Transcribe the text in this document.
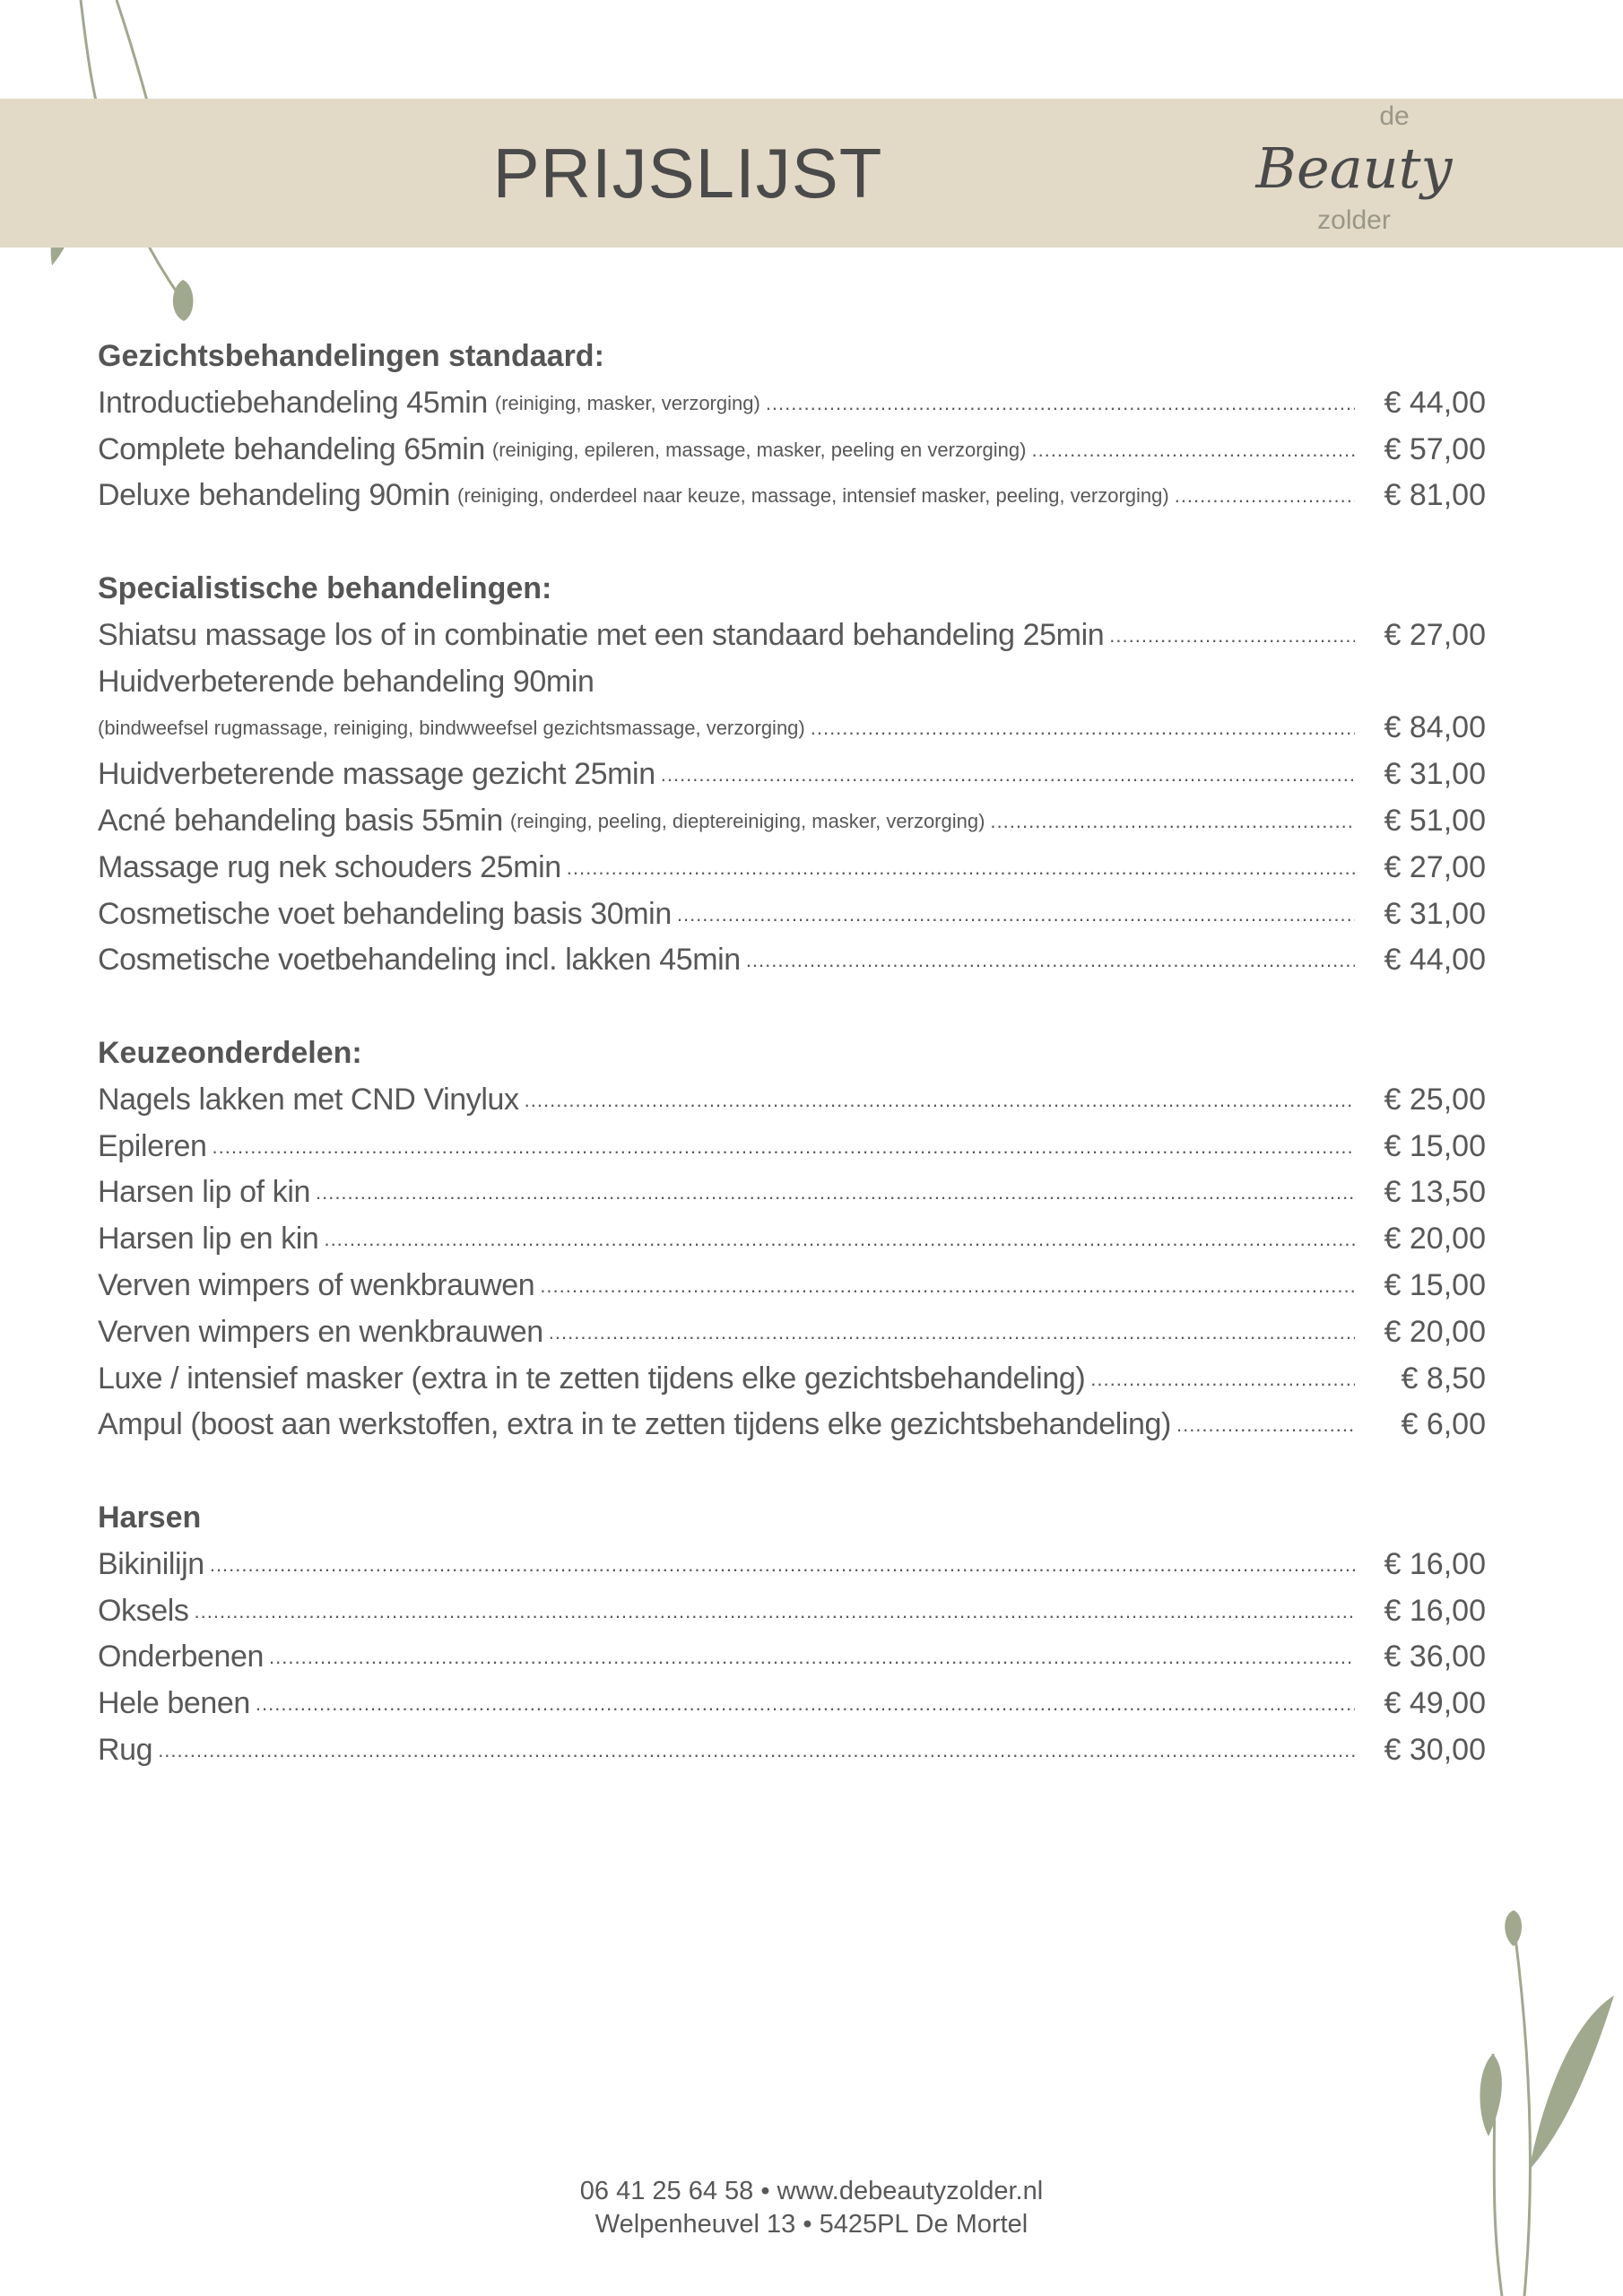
PRIJSLIJST
de
Beauty
zolder
Gezichtsbehandelingen standaard:
Introductiebehandeling 45min (reiniging, masker, verzorging) .....	€ 44,00
Complete behandeling 65min (reiniging, epileren, massage, masker, peeling en verzorging) .....	€ 57,00
Deluxe behandeling 90min (reiniging, onderdeel naar keuze, massage, intensief masker, peeling, verzorging) .....	€ 81,00
Specialistische behandelingen:
Shiatsu massage los of in combinatie met een standaard behandeling 25min .....	€ 27,00
Huidverbeterende behandeling 90min
(bindweefsel rugmassage, reiniging, bindwweefsel gezichtsmassage, verzorging) .....	€ 84,00
Huidverbeterende massage gezicht 25min .....	€ 31,00
Acné behandeling basis 55min (reinging, peeling, dieptereiniging, masker, verzorging) .....	€ 51,00
Massage rug nek schouders 25min .....	€ 27,00
Cosmetische voet behandeling basis 30min .....	€ 31,00
Cosmetische voetbehandeling incl. lakken 45min .....	€ 44,00
Keuzeonderdelen:
Nagels lakken met CND Vinylux .....	€ 25,00
Epileren .....	€ 15,00
Harsen lip of kin .....	€ 13,50
Harsen lip en kin .....	€ 20,00
Verven wimpers of wenkbrauwen .....	€ 15,00
Verven wimpers en wenkbrauwen .....	€ 20,00
Luxe / intensief masker (extra in te zetten tijdens elke gezichtsbehandeling) .....	€ 8,50
Ampul (boost aan werkstoffen, extra in te zetten tijdens elke gezichtsbehandeling) .....	€ 6,00
Harsen
Bikinilijn .....	€ 16,00
Oksels .....	€ 16,00
Onderbenen .....	€ 36,00
Hele benen .....	€ 49,00
Rug .....	€ 30,00
06 41 25 64 58 • www.debeautyzolder.nl
Welpenheuvel 13 • 5425PL De Mortel
